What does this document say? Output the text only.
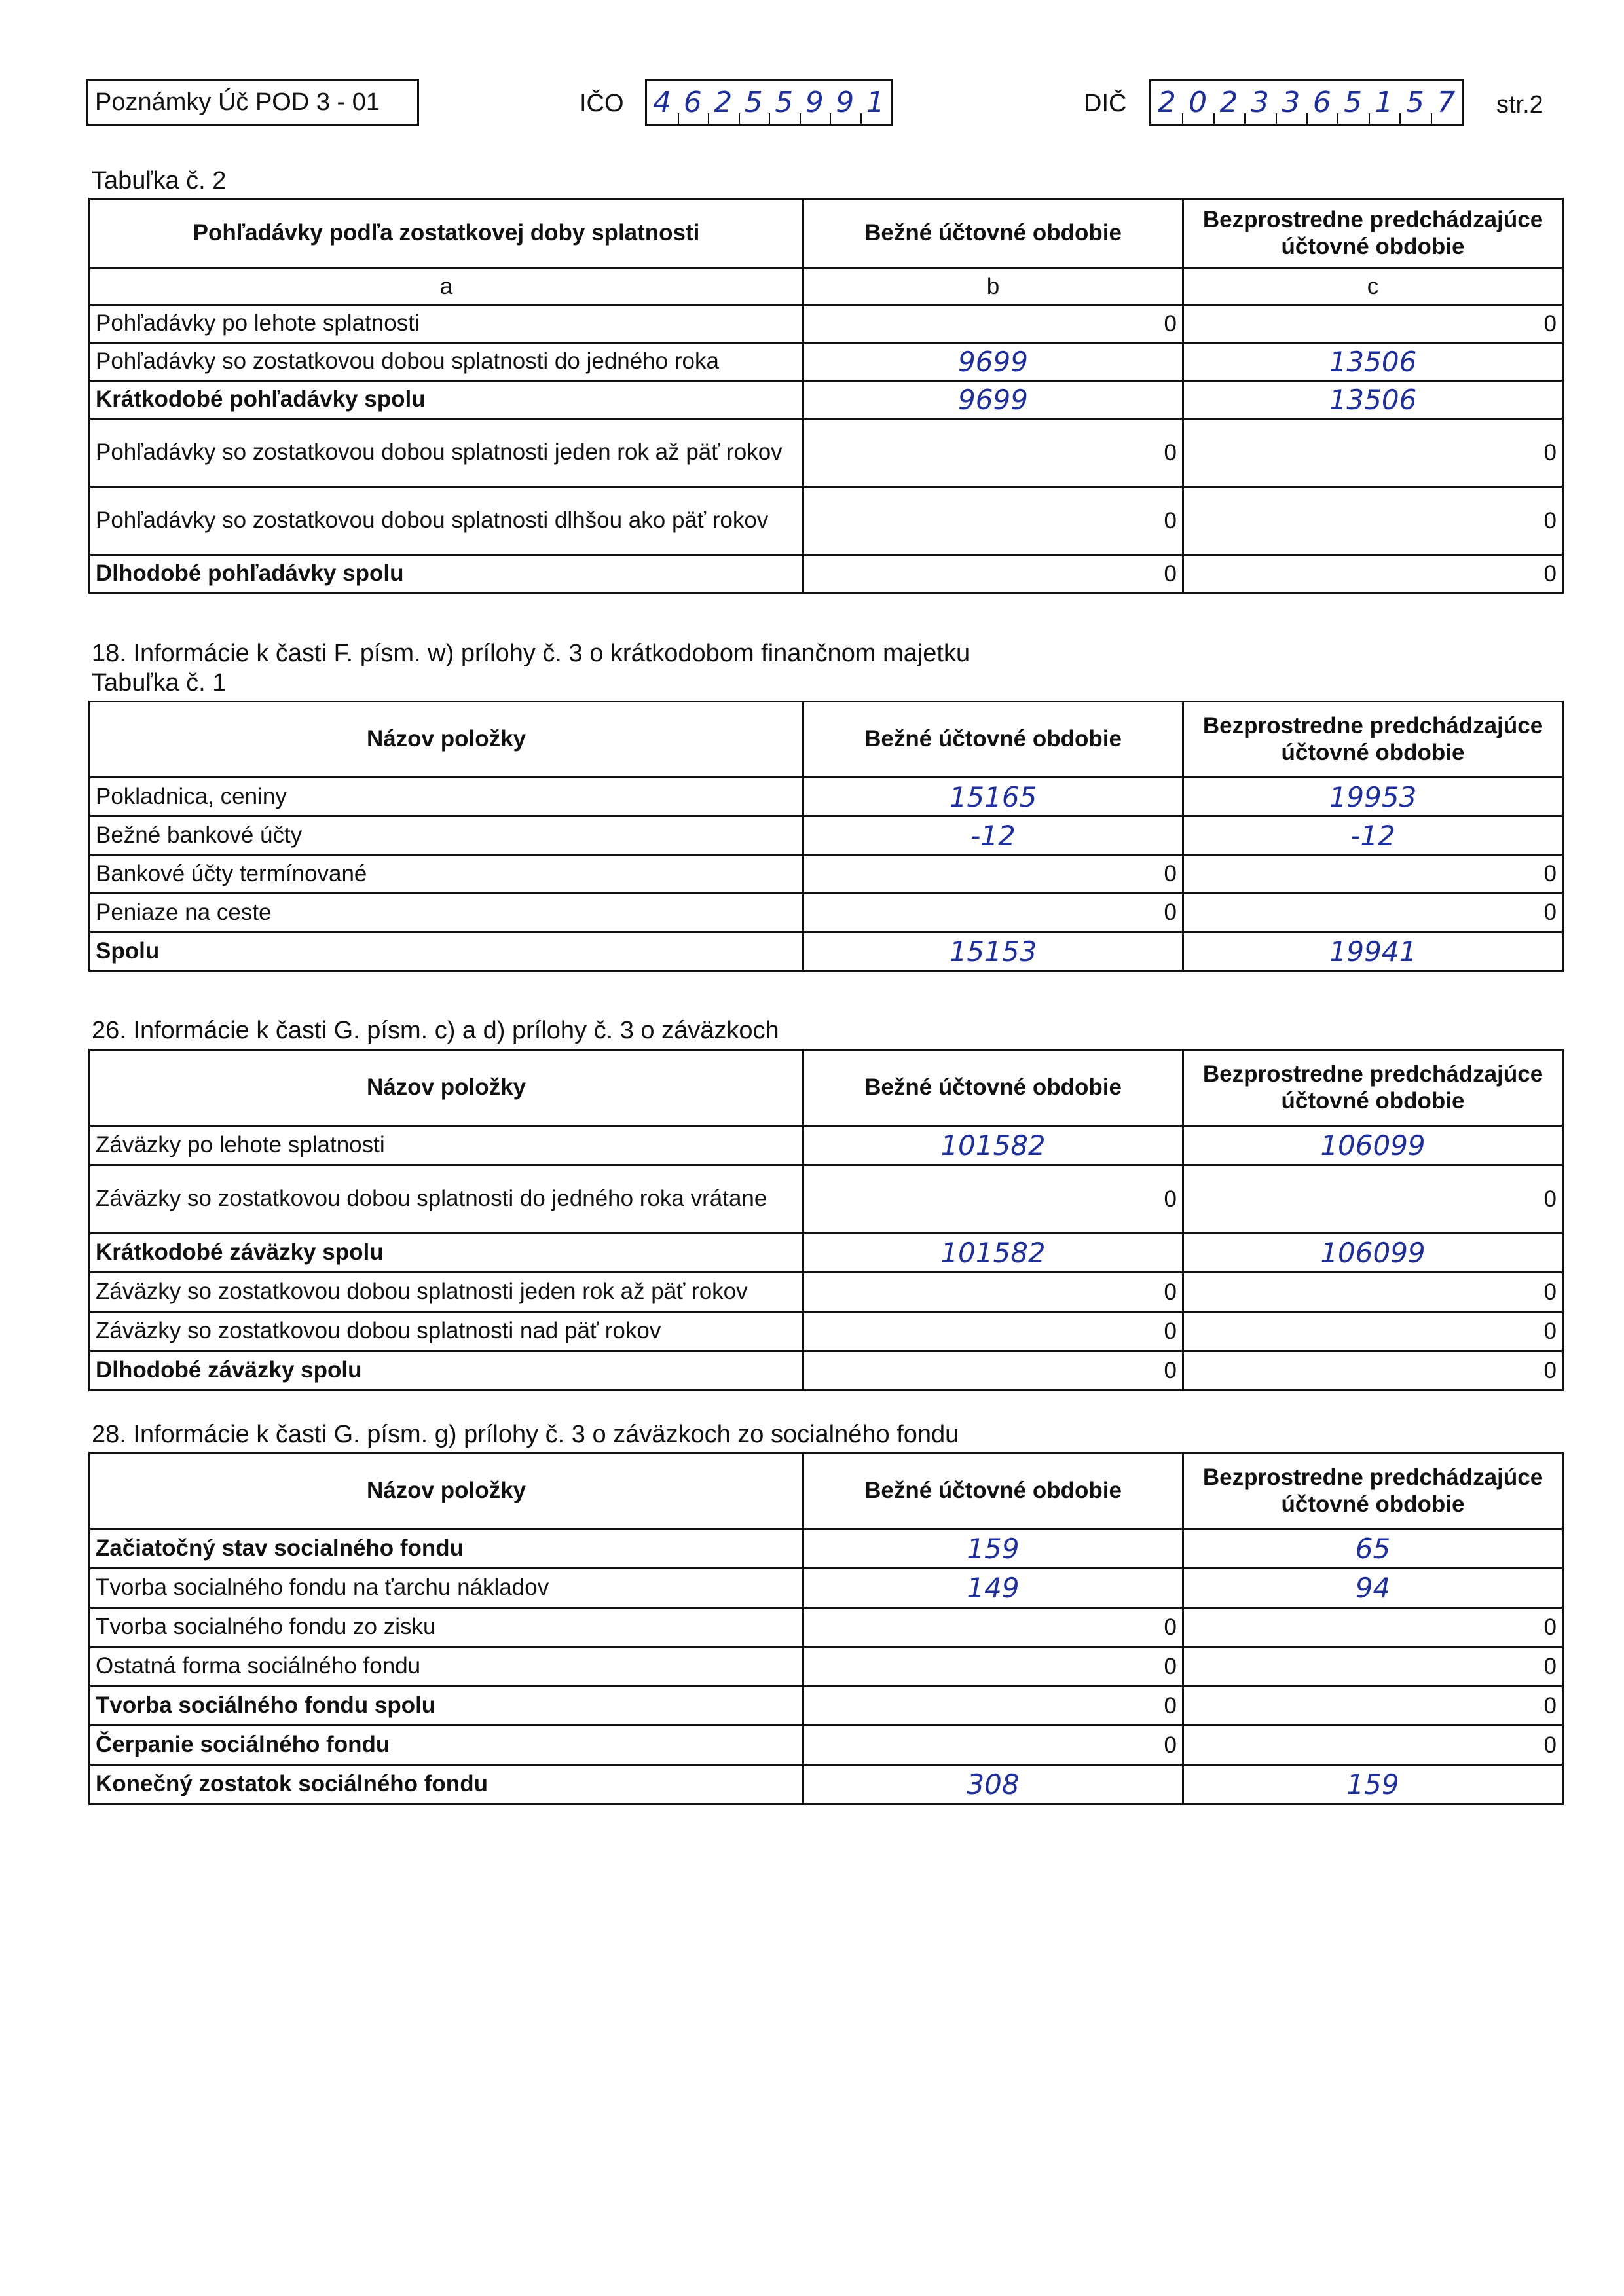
Poznámky Úč POD 3 - 01	IČO 4 6 2 5 5 9 9 1	DIČ 2 0 2 3 3 6 5 1 5 7 str.2
Tabuľka č. 2
Pohľadávky podľa zostatkovej doby splatnosti	Bežné účtovné obdobie	Bezprostredne predchádzajúce účtovné obdobie
a	b	c
Pohľadávky po lehote splatnosti	0	0
Pohľadávky so zostatkovou dobou splatnosti do jedného roka	9699	13506
Krátkodobé pohľadávky spolu	9699	13506
Pohľadávky so zostatkovou dobou splatnosti jeden rok až päť rokov	0	0
Pohľadávky so zostatkovou dobou splatnosti dlhšou ako päť rokov	0	0
Dlhodobé pohľadávky spolu	0	0
18. Informácie k časti F. písm. w) prílohy č. 3 o krátkodobom finančnom majetku
Tabuľka č. 1
Názov položky	Bežné účtovné obdobie	Bezprostredne predchádzajúce účtovné obdobie
Pokladnica, ceniny	15165	19953
Bežné bankové účty	-12	-12
Bankové účty termínované	0	0
Peniaze na ceste	0	0
Spolu	15153	19941
26. Informácie k časti G. písm. c) a d) prílohy č. 3 o záväzkoch
Názov položky	Bežné účtovné obdobie	Bezprostredne predchádzajúce účtovné obdobie
Záväzky po lehote splatnosti	101582	106099
Záväzky so zostatkovou dobou splatnosti do jedného roka vrátane	0	0
Krátkodobé záväzky spolu	101582	106099
Záväzky so zostatkovou dobou splatnosti jeden rok až päť rokov	0	0
Záväzky so zostatkovou dobou splatnosti nad päť rokov	0	0
Dlhodobé záväzky spolu	0	0
28. Informácie k časti G. písm. g) prílohy č. 3 o záväzkoch zo socialného fondu
Názov položky	Bežné účtovné obdobie	Bezprostredne predchádzajúce účtovné obdobie
Začiatočný stav socialného fondu	159	65
Tvorba socialného fondu na ťarchu nákladov	149	94
Tvorba socialného fondu zo zisku	0	0
Ostatná forma sociálného fondu	0	0
Tvorba sociálného fondu spolu	0	0
Čerpanie sociálného fondu	0	0
Konečný zostatok sociálného fondu	308	159
